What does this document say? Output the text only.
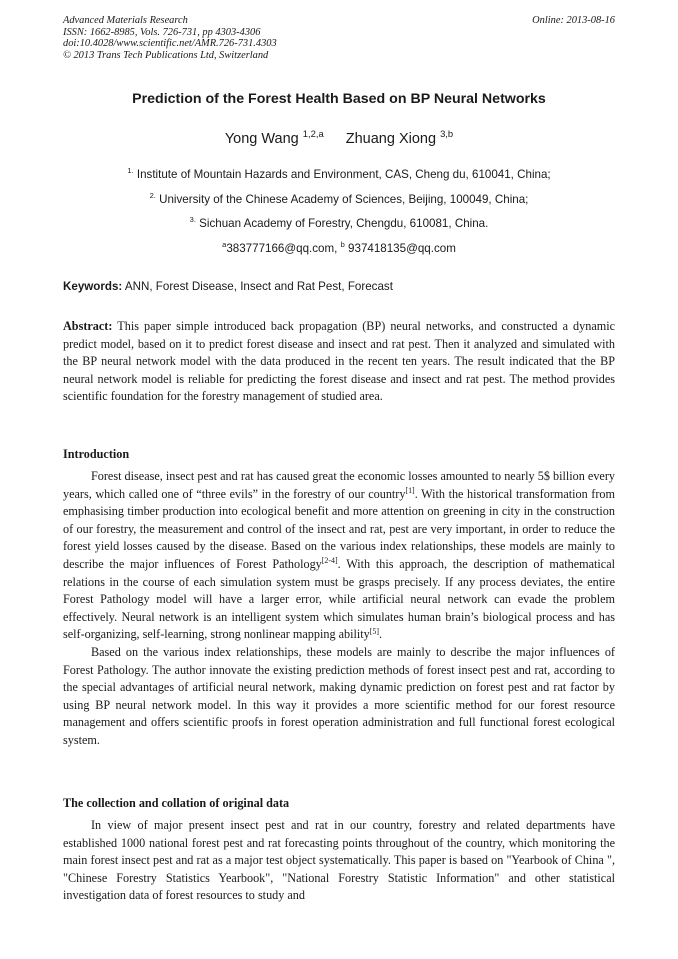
Advanced Materials Research
ISSN: 1662-8985, Vols. 726-731, pp 4303-4306
doi:10.4028/www.scientific.net/AMR.726-731.4303
© 2013 Trans Tech Publications Ltd, Switzerland
Online: 2013-08-16
Prediction of the Forest Health Based on BP Neural Networks
Yong Wang $^{1,2,a}$ Zhuang Xiong $^{3,b}$
$^{1.}$ Institute of Mountain Hazards and Environment, CAS, Cheng du, 610041, China;
$^{2.}$ University of the Chinese Academy of Sciences, Beijing, 100049, China;
$^{3.}$ Sichuan Academy of Forestry, Chengdu, 610081, China.
$^a$383777166@qq.com, $^b$ 937418135@qq.com
Keywords: ANN, Forest Disease, Insect and Rat Pest, Forecast

Abstract: This paper simple introduced back propagation (BP) neural networks, and constructed a dynamic predict model, based on it to predict forest disease and insect and rat pest. Then it analyzed and simulated with the BP neural network model with the data produced in the recent ten years. The result indicated that the BP neural network model is reliable for predicting the forest disease and insect and rat pest. The method provides scientific foundation for the forestry management of studied area.

Introduction

Forest disease, insect pest and rat has caused great the economic losses amounted to nearly 5$ billion every years, which called one of “three evils” in the forestry of our country[1]. With the historical transformation from emphasising timber production into ecological benefit and more attention on greening in city in the construction of our forestry, the measurement and control of the insect and rat, pest are very important, in order to reduce the forest yield losses caused by the disease. Based on the various index relationships, these models are mainly to describe the major influences of Forest Pathology[2-4]. With this approach, the description of mathematical relations in the course of each simulation system must be grasps precisely. If any process deviates, the entire Forest Pathology model will have a larger error, while artificial neural network can evade the problem effectively. Neural network is an intelligent system which simulates human brain’s biological process and has self-organizing, self-learning, strong nonlinear mapping ability[5].

Based on the various index relationships, these models are mainly to describe the major influences of Forest Pathology. The author innovate the existing prediction methods of forest insect pest and rat, according to the special advantages of artificial neural network, making dynamic prediction on forest pest and rat factor by using BP neural network model. In this way it provides a more scientific method for our forest resource management and offers scientific proofs in forest operation administration and full functional forest ecological system.

The collection and collation of original data

In view of major present insect pest and rat in our country, forestry and related departments have established 1000 national forest pest and rat forecasting points throughout of the country, which monitoring the main forest insect pest and rat as a major test object systematically. This paper is based on "Yearbook of China ", "Chinese Forestry Statistics Yearbook", "National Forestry Statistic Information" and other statistical investigation data of forest resources to study and
